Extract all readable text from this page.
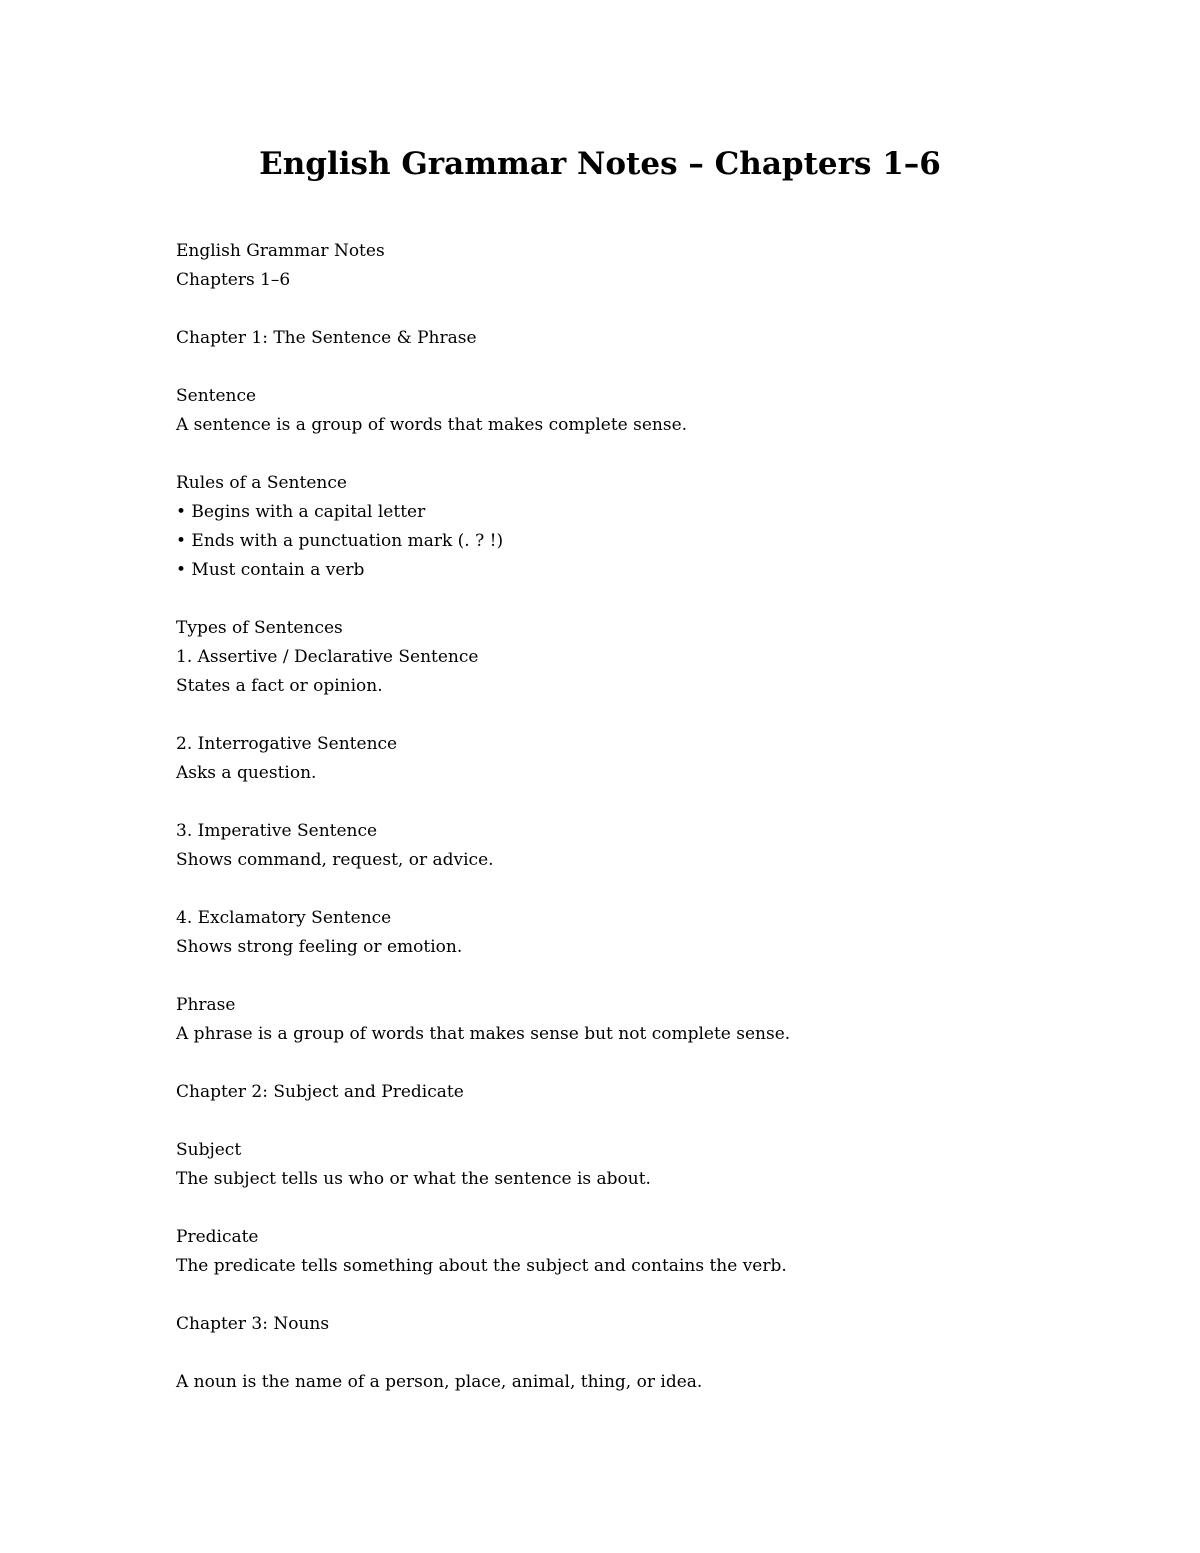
English Grammar Notes – Chapters 1–6
English Grammar Notes
Chapters 1–6
Chapter 1: The Sentence & Phrase
Sentence
A sentence is a group of words that makes complete sense.
Rules of a Sentence
• Begins with a capital letter
• Ends with a punctuation mark (. ? !)
• Must contain a verb
Types of Sentences
1. Assertive / Declarative Sentence
States a fact or opinion.
2. Interrogative Sentence
Asks a question.
3. Imperative Sentence
Shows command, request, or advice.
4. Exclamatory Sentence
Shows strong feeling or emotion.
Phrase
A phrase is a group of words that makes sense but not complete sense.
Chapter 2: Subject and Predicate
Subject
The subject tells us who or what the sentence is about.
Predicate
The predicate tells something about the subject and contains the verb.
Chapter 3: Nouns
A noun is the name of a person, place, animal, thing, or idea.
